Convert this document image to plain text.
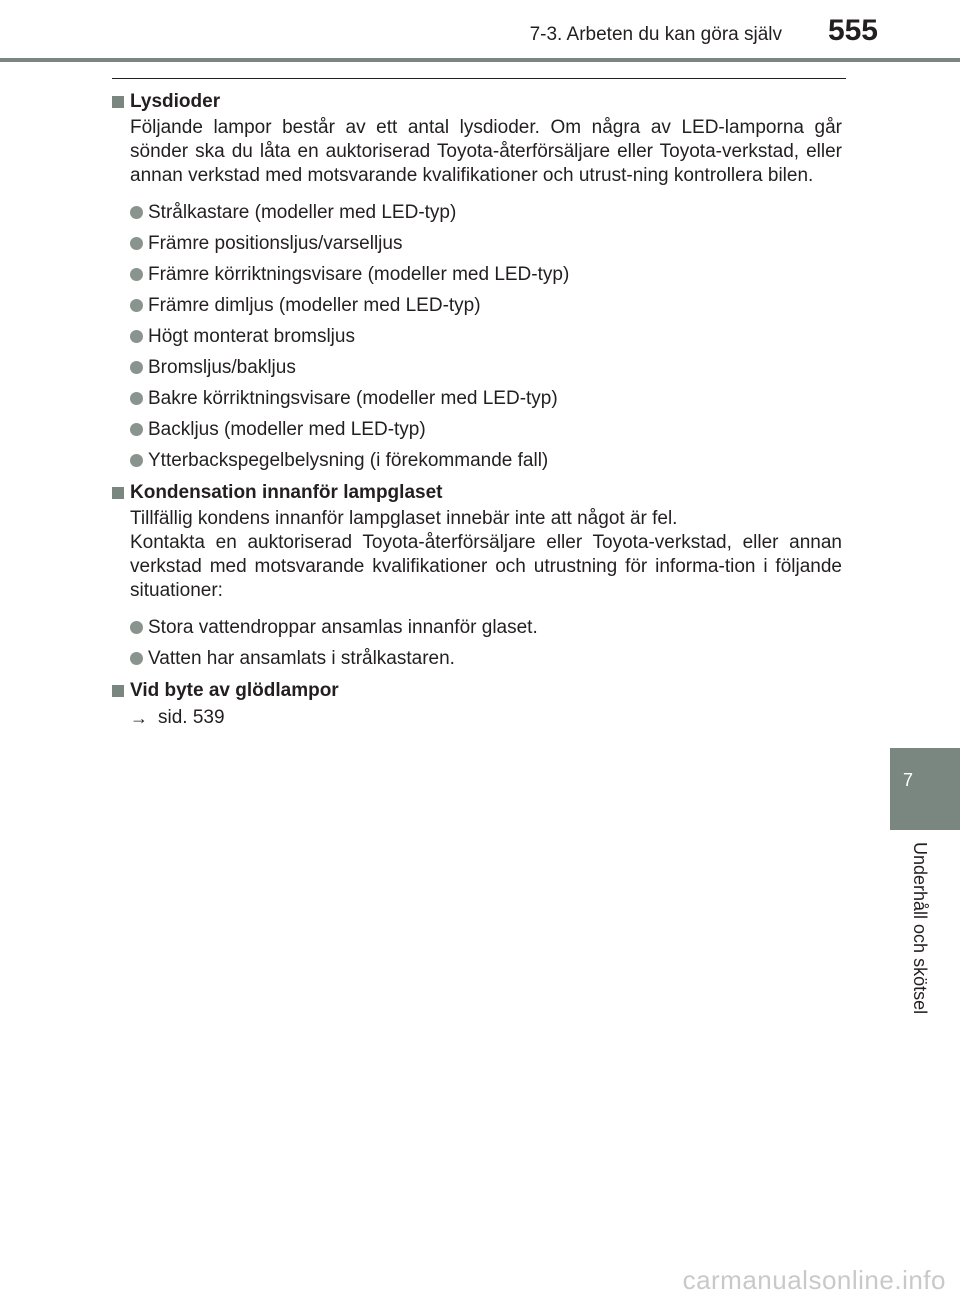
7-3. Arbeten du kan göra själv 555
Lysdioder

Följande lampor består av ett antal lysdioder. Om några av LED-lamporna går sönder ska du låta en auktoriserad Toyota-återförsäljare eller Toyota-verkstad, eller annan verkstad med motsvarande kvalifikationer och utrust-ning kontrollera bilen.

Strålkastare (modeller med LED-typ)
Främre positionsljus/varselljus
Främre körriktningsvisare (modeller med LED-typ)
Främre dimljus (modeller med LED-typ)
Högt monterat bromsljus
Bromsljus/bakljus
Bakre körriktningsvisare (modeller med LED-typ)
Backljus (modeller med LED-typ)
Ytterbackspegelbelysning (i förekommande fall)
Kondensation innanför lampglaset

Tillfällig kondens innanför lampglaset innebär inte att något är fel.

Kontakta en auktoriserad Toyota-återförsäljare eller Toyota-verkstad, eller annan verkstad med motsvarande kvalifikationer och utrustning för informa-tion i följande situationer:

Stora vattendroppar ansamlas innanför glaset.
Vatten har ansamlats i strålkastaren.
Vid byte av glödlampor
→ sid. 539
7
Underhåll och skötsel
carmanualsonline.info
